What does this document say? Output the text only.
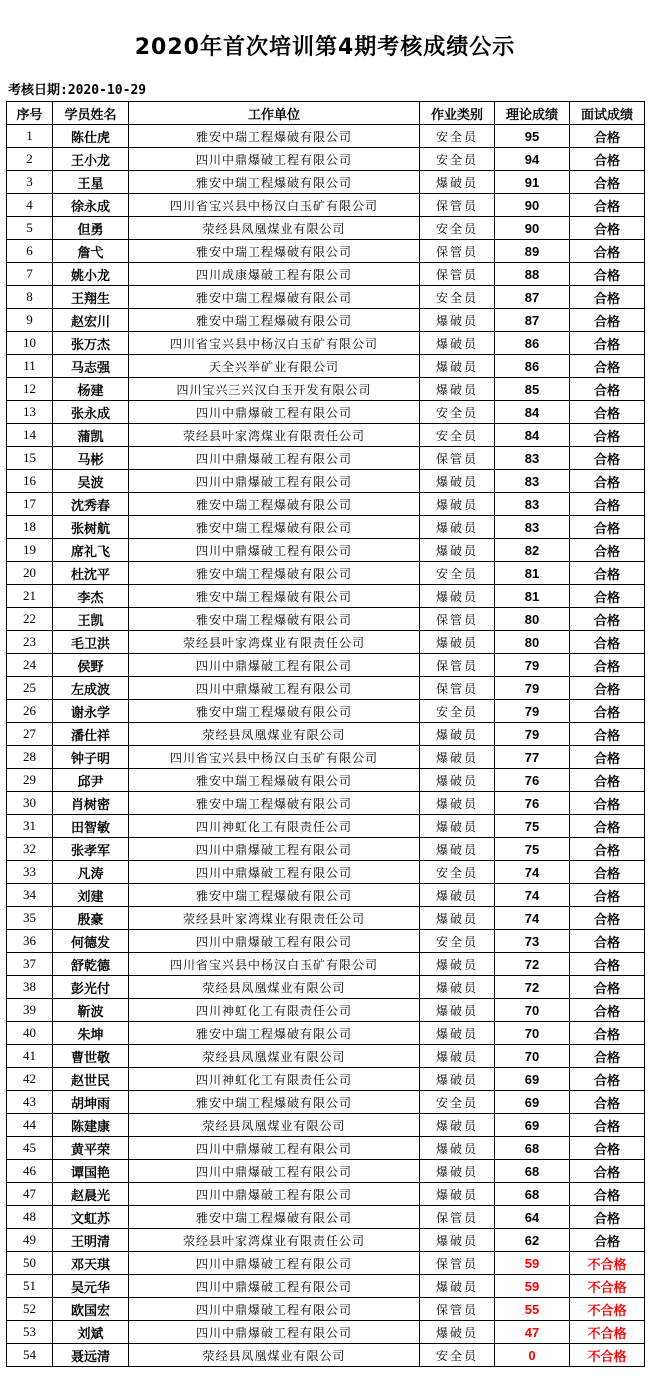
2020年首次培训第4期考核成绩公示
考核日期:2020-10-29
序号	学员姓名	工作单位	作业类别	理论成绩	面试成绩
1	陈仕虎	雅安中瑞工程爆破有限公司	安全员	95	合格
2	王小龙	四川中鼎爆破工程有限公司	安全员	94	合格
3	王星	雅安中瑞工程爆破有限公司	爆破员	91	合格
4	徐永成	四川省宝兴县中杨汉白玉矿有限公司	保管员	90	合格
5	但勇	荥经县凤凰煤业有限公司	安全员	90	合格
6	詹弋	雅安中瑞工程爆破有限公司	保管员	89	合格
7	姚小龙	四川成康爆破工程有限公司	保管员	88	合格
8	王翔生	雅安中瑞工程爆破有限公司	安全员	87	合格
9	赵宏川	雅安中瑞工程爆破有限公司	爆破员	87	合格
10	张万杰	四川省宝兴县中杨汉白玉矿有限公司	爆破员	86	合格
11	马志强	天全兴举矿业有限公司	爆破员	86	合格
12	杨建	四川宝兴三兴汉白玉开发有限公司	爆破员	85	合格
13	张永成	四川中鼎爆破工程有限公司	安全员	84	合格
14	蒲凯	荥经县叶家湾煤业有限责任公司	安全员	84	合格
15	马彬	四川中鼎爆破工程有限公司	保管员	83	合格
16	吴波	四川中鼎爆破工程有限公司	爆破员	83	合格
17	沈秀春	雅安中瑞工程爆破有限公司	爆破员	83	合格
18	张树航	雅安中瑞工程爆破有限公司	爆破员	83	合格
19	席礼飞	四川中鼎爆破工程有限公司	爆破员	82	合格
20	杜沈平	雅安中瑞工程爆破有限公司	安全员	81	合格
21	李杰	雅安中瑞工程爆破有限公司	爆破员	81	合格
22	王凯	雅安中瑞工程爆破有限公司	保管员	80	合格
23	毛卫洪	荥经县叶家湾煤业有限责任公司	爆破员	80	合格
24	侯野	四川中鼎爆破工程有限公司	保管员	79	合格
25	左成波	四川中鼎爆破工程有限公司	保管员	79	合格
26	谢永学	雅安中瑞工程爆破有限公司	安全员	79	合格
27	潘仕祥	荥经县凤凰煤业有限公司	爆破员	79	合格
28	钟子明	四川省宝兴县中杨汉白玉矿有限公司	爆破员	77	合格
29	邱尹	雅安中瑞工程爆破有限公司	爆破员	76	合格
30	肖树密	雅安中瑞工程爆破有限公司	爆破员	76	合格
31	田智敏	四川神虹化工有限责任公司	爆破员	75	合格
32	张孝军	四川中鼎爆破工程有限公司	爆破员	75	合格
33	凡涛	四川中鼎爆破工程有限公司	安全员	74	合格
34	刘建	雅安中瑞工程爆破有限公司	爆破员	74	合格
35	殷豪	荥经县叶家湾煤业有限责任公司	爆破员	74	合格
36	何德发	四川中鼎爆破工程有限公司	安全员	73	合格
37	舒乾德	四川省宝兴县中杨汉白玉矿有限公司	爆破员	72	合格
38	彭光付	荥经县凤凰煤业有限公司	爆破员	72	合格
39	靳波	四川神虹化工有限责任公司	爆破员	70	合格
40	朱坤	雅安中瑞工程爆破有限公司	爆破员	70	合格
41	曹世敬	荥经县凤凰煤业有限公司	爆破员	70	合格
42	赵世民	四川神虹化工有限责任公司	爆破员	69	合格
43	胡坤雨	雅安中瑞工程爆破有限公司	安全员	69	合格
44	陈建康	荥经县凤凰煤业有限公司	爆破员	69	合格
45	黄平荣	四川中鼎爆破工程有限公司	爆破员	68	合格
46	谭国艳	四川中鼎爆破工程有限公司	爆破员	68	合格
47	赵晨光	四川中鼎爆破工程有限公司	爆破员	68	合格
48	文虹苏	雅安中瑞工程爆破有限公司	保管员	64	合格
49	王明清	荥经县叶家湾煤业有限责任公司	爆破员	62	合格
50	邓天琪	四川中鼎爆破工程有限公司	保管员	59	不合格
51	吴元华	四川中鼎爆破工程有限公司	爆破员	59	不合格
52	欧国宏	四川中鼎爆破工程有限公司	保管员	55	不合格
53	刘斌	四川中鼎爆破工程有限公司	爆破员	47	不合格
54	聂远清	荥经县凤凰煤业有限公司	安全员	0	不合格
